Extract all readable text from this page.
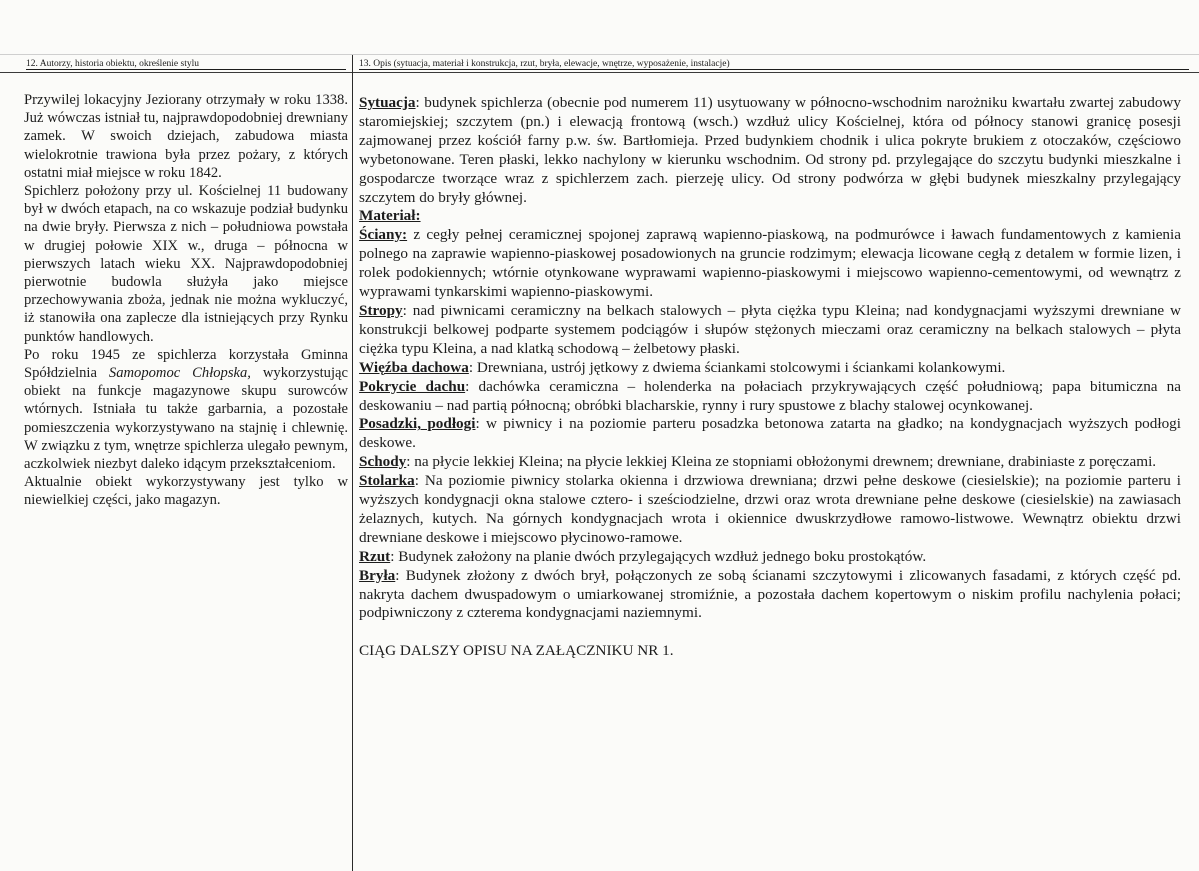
12. Autorzy, historia obiektu, określenie stylu	13. Opis (sytuacja, materiał i konstrukcja, rzut, bryła, elewacje, wnętrze, wyposażenie, instalacje)

Przywilej lokacyjny Jeziorany otrzymały w roku 1338. Już wówczas istniał tu, najprawdopodobniej drewniany zamek. W swoich dziejach, zabudowa miasta wielokrotnie trawiona była przez pożary, z których ostatni miał miejsce w roku 1842.

Spichlerz położony przy ul. Kościelnej 11 budowany był w dwóch etapach, na co wskazuje podział budynku na dwie bryły. Pierwsza z nich – południowa powstała w drugiej połowie XIX w., druga – północna w pierwszych latach wieku XX. Najprawdopodobniej pierwotnie budowla służyła jako miejsce przechowywania zboża, jednak nie można wykluczyć, iż stanowiła ona zaplecze dla istniejących przy Rynku punktów handlowych.

Po roku 1945 ze spichlerza korzystała Gminna Spółdzielnia Samopomoc Chłopska, wykorzystując obiekt na funkcje magazynowe skupu surowców wtórnych. Istniała tu także garbarnia, a pozostałe pomieszczenia wykorzystywano na stajnię i chlewnię. W związku z tym, wnętrze spichlerza ulegało pewnym, aczkolwiek niezbyt daleko idącym przekształceniom.

Aktualnie obiekt wykorzystywany jest tylko w niewielkiej części, jako magazyn.

Sytuacja: budynek spichlerza (obecnie pod numerem 11) usytuowany w północno-wschodnim narożniku kwartału zwartej zabudowy staromiejskiej; szczytem (pn.) i elewacją frontową (wsch.) wzdłuż ulicy Kościelnej, która od północy stanowi granicę posesji zajmowanej przez kościół farny p.w. św. Bartłomieja. Przed budynkiem chodnik i ulica pokryte brukiem z otoczaków, częściowo wybetonowane. Teren płaski, lekko nachylony w kierunku wschodnim. Od strony pd. przylegające do szczytu budynki mieszkalne i gospodarcze tworzące wraz z spichlerzem zach. pierzeję ulicy. Od strony podwórza w głębi budynek mieszkalny przylegający szczytem do bryły głównej.

Materiał:

Ściany: z cegły pełnej ceramicznej spojonej zaprawą wapienno-piaskową, na podmurówce i ławach fundamentowych z kamienia polnego na zaprawie wapienno-piaskowej posadowionych na gruncie rodzimym; elewacja licowane cegłą z detalem w formie lizen, i rolek podokiennych; wtórnie otynkowane wyprawami wapienno-piaskowymi i miejscowo wapienno-cementowymi, od wewnątrz z wyprawami tynkarskimi wapienno-piaskowymi.

Stropy: nad piwnicami ceramiczny na belkach stalowych – płyta ciężka typu Kleina; nad kondygnacjami wyższymi drewniane w konstrukcji belkowej podparte systemem podciągów i słupów stężonych mieczami oraz ceramiczny na belkach stalowych – płyta ciężka typu Kleina, a nad klatką schodową – żelbetowy płaski.

Więźba dachowa: Drewniana, ustrój jętkowy z dwiema ściankami stolcowymi i ściankami kolankowymi.

Pokrycie dachu: dachówka ceramiczna – holenderka na połaciach przykrywających część południową; papa bitumiczna na deskowaniu – nad partią północną; obróbki blacharskie, rynny i rury spustowe z blachy stalowej ocynkowanej.

Posadzki, podłogi: w piwnicy i na poziomie parteru posadzka betonowa zatarta na gładko; na kondygnacjach wyższych podłogi deskowe.

Schody: na płycie lekkiej Kleina; na płycie lekkiej Kleina ze stopniami obłożonymi drewnem; drewniane, drabiniaste z poręczami.

Stolarka: Na poziomie piwnicy stolarka okienna i drzwiowa drewniana; drzwi pełne deskowe (ciesielskie); na poziomie parteru i wyższych kondygnacji okna stalowe cztero- i sześciodzielne, drzwi oraz wrota drewniane pełne deskowe (ciesielskie) na zawiasach żelaznych, kutych. Na górnych kondygnacjach wrota i okiennice dwuskrzydłowe ramowo-listwowe. Wewnątrz obiektu drzwi drewniane deskowe i miejscowo płycinowo-ramowe.

Rzut: Budynek założony na planie dwóch przylegających wzdłuż jednego boku prostokątów.

Bryła: Budynek złożony z dwóch brył, połączonych ze sobą ścianami szczytowymi i zlicowanych fasadami, z których część pd. nakryta dachem dwuspadowym o umiarkowanej stromiźnie, a pozostała dachem kopertowym o niskim profilu nachylenia połaci; podpiwniczony z czterema kondygnacjami naziemnymi.

CIĄG DALSZY OPISU NA ZAŁĄCZNIKU NR 1.
